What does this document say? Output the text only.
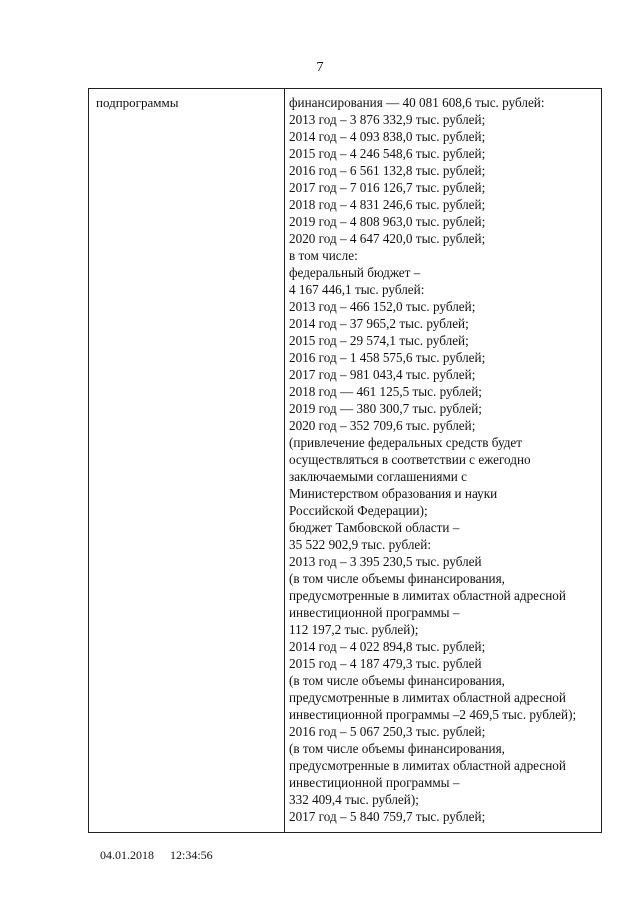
7
подпрограммы	финансирования — 40 081 608,6 тыс. рублей:
2013 год – 3 876 332,9 тыс. рублей;
2014 год – 4 093 838,0 тыс. рублей;
2015 год – 4 246 548,6 тыс. рублей;
2016 год – 6 561 132,8 тыс. рублей;
2017 год – 7 016 126,7 тыс. рублей;
2018 год – 4 831 246,6 тыс. рублей;
2019 год – 4 808 963,0 тыс. рублей;
2020 год – 4 647 420,0 тыс. рублей;
в том числе:
федеральный бюджет –
4 167 446,1 тыс. рублей:
2013 год – 466 152,0 тыс. рублей;
2014 год – 37 965,2 тыс. рублей;
2015 год – 29 574,1 тыс. рублей;
2016 год – 1 458 575,6 тыс. рублей;
2017 год – 981 043,4 тыс. рублей;
2018 год — 461 125,5 тыс. рублей;
2019 год — 380 300,7 тыс. рублей;
2020 год – 352 709,6 тыс. рублей;
(привлечение федеральных средств будет
осуществляться в соответствии с ежегодно
заключаемыми соглашениями с
Министерством образования и науки
Российской Федерации);
бюджет Тамбовской области –
35 522 902,9 тыс. рублей:
2013 год – 3 395 230,5 тыс. рублей
(в том числе объемы финансирования,
предусмотренные в лимитах областной адресной
инвестиционной программы –
112 197,2 тыс. рублей);
2014 год – 4 022 894,8 тыс. рублей;
2015 год – 4 187 479,3 тыс. рублей
(в том числе объемы финансирования,
предусмотренные в лимитах областной адресной
инвестиционной программы –2 469,5 тыс. рублей);
2016 год – 5 067 250,3 тыс. рублей;
(в том числе объемы финансирования,
предусмотренные в лимитах областной адресной
инвестиционной программы –
332 409,4 тыс. рублей);
2017 год – 5 840 759,7 тыс. рублей;
04.01.2018 12:34:56
